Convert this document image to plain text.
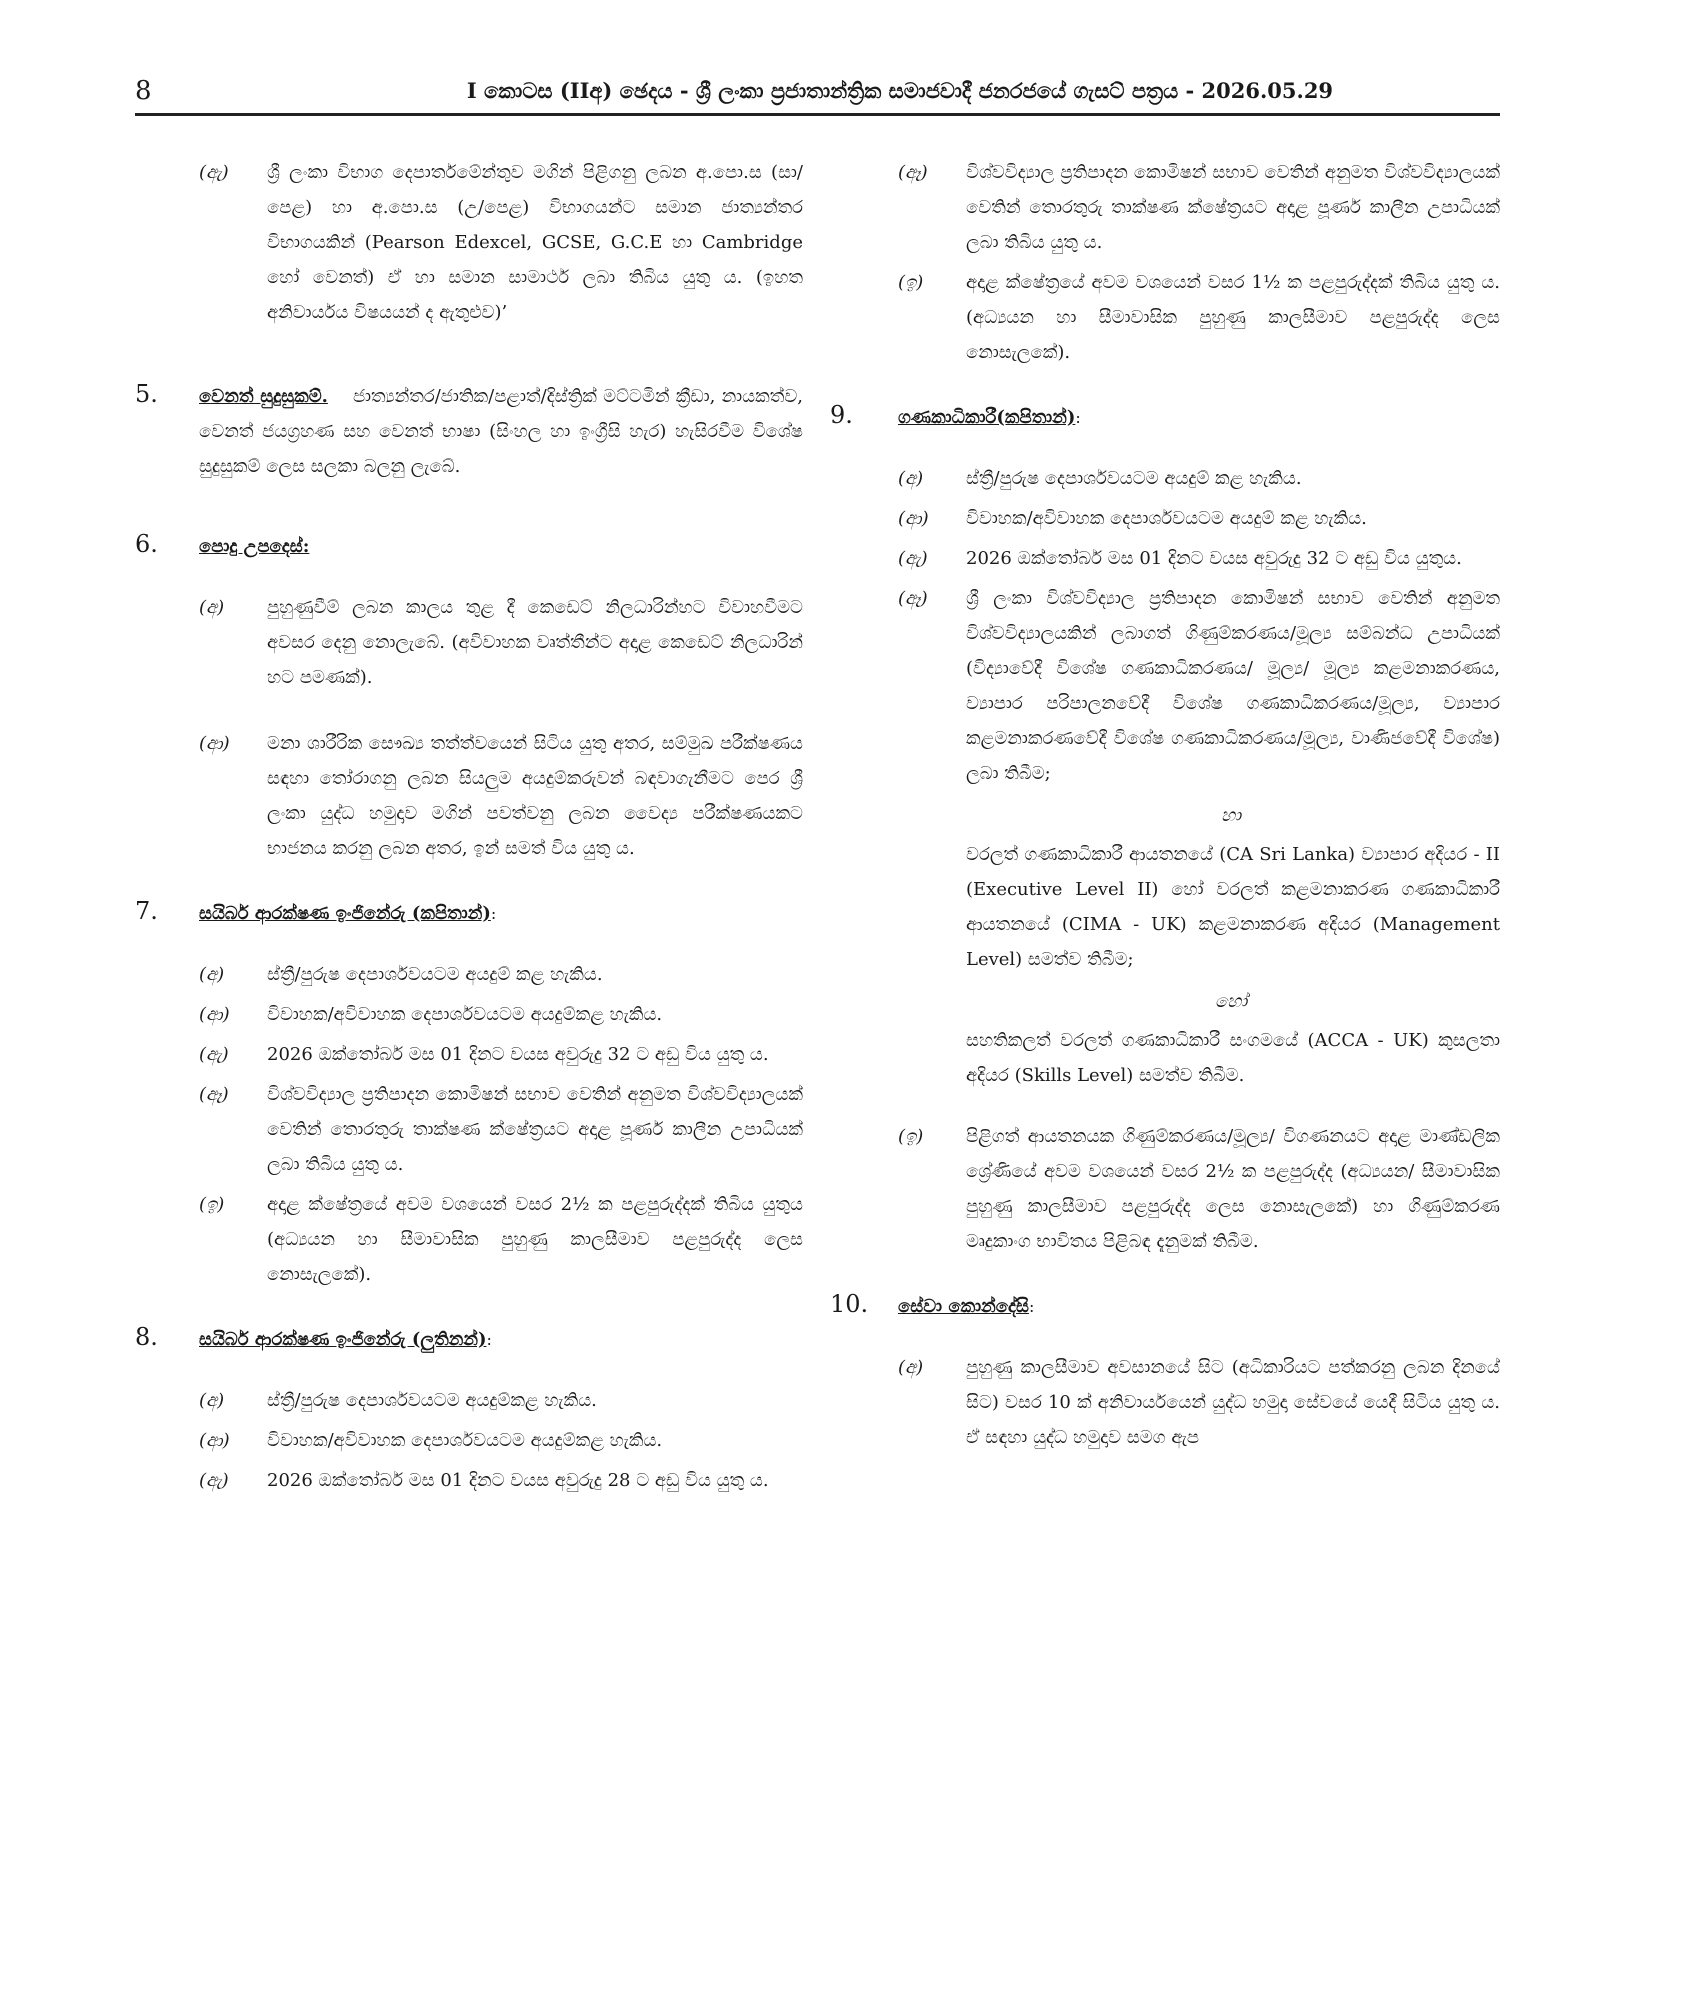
8	I කොටස (IIඅ) ඡෙදය - ශ්‍රී ලංකා ප්‍රජාතාන්ත්‍රික සමාජවාදී ජනරජයේ ගැසට් පත්‍රය - 2026.05.29
(ඇ)	ශ්‍රී ලංකා විභාග දෙපාර්තමේන්තුව මගින් පිළිගනු ලබන අ.පො.ස (සා/පෙළ) හා අ.පො.ස (උ/පෙළ) විභාගයන්ට සමාන ජාත්‍යන්තර විභාගයකින් (Pearson Edexcel, GCSE, G.C.E හා Cambridge හෝ වෙනත්) ඒ හා සමාන සාමාර්ථ ලබා තිබිය යුතු ය. (ඉහත අනිවාර්යය විෂයයන් ද ඇතුළුව)’
5.	වෙනත් සුදුසුකම්. ජාත්‍යන්තර/ජාතික/පළාත්/දිස්ත්‍රික් මට්ටමින් ක්‍රීඩා, නායකත්ව, වෙනත් ජයග්‍රහණ සහ වෙනත් භාෂා (සිංහල හා ඉංග්‍රීසි හැර) හැසිරවීම විශේෂ සුදුසුකම් ලෙස සලකා බලනු ලැබේ.
6.	පොදු උපදෙස්:
(අ)	පුහුණුවීම් ලබන කාලය තුළ දී කෙඩෙට් නිලධාරින්හට විවාහවීමට අවසර දෙනු නොලැබේ. (අවිවාහක වෘත්තීන්ට අදාළ කෙඩෙට් නිලධාරින් හට පමණක්).
(ආ)	මනා ශාරීරික සෞඛ්‍ය තත්ත්වයෙන් සිටිය යුතු අතර, සම්මුඛ පරීක්ෂණය සඳහා තෝරාගනු ලබන සියලුම අයදුම්කරුවන් බඳවාගැනීමට පෙර ශ්‍රී ලංකා යුද්ධ හමුදාව මගින් පවත්වනු ලබන වෛද්‍ය පරීක්ෂණයකට භාජනය කරනු ලබන අතර, ඉන් සමත් විය යුතු ය.
7.	සයිබර් ආරක්ෂණ ඉංජිනේරු (කපිතාන්):
(අ)	ස්ත්‍රී/පුරුෂ දෙපාර්ශවයටම අයදුම් කළ හැකිය.
(ආ)	විවාහක/අවිවාහක දෙපාර්ශවයටම අයදුම්කළ හැකිය.
(ඇ)	2026 ඔක්තෝබර් මස 01 දිනට වයස අවුරුදු 32 ට අඩු විය යුතු ය.
(ඈ)	විශ්වවිද්‍යාල ප්‍රතිපාදන කොමිෂන් සභාව වෙතින් අනුමත විශ්වවිද්‍යාලයක් වෙතින් තොරතුරු තාක්ෂණ ක්ෂේත්‍රයට අදාළ පූර්ණ කාලීන උපාධියක් ලබා තිබිය යුතු ය.
(ඉ)	අදාළ ක්ෂේත්‍රයේ අවම වශයෙන් වසර 2½ ක පළපුරුද්දක් තිබිය යුතුය (අධ්‍යයන හා සීමාවාසික පුහුණු කාලසීමාව පළපුරුද්ද ලෙස නොසැලකේ).
8.	සයිබර් ආරක්ෂණ ඉංජිනේරු (ලුතිනන්):
(අ)	ස්ත්‍රී/පුරුෂ දෙපාර්ශවයටම අයදුම්කළ හැකිය.
(ආ)	විවාහක/අවිවාහක දෙපාර්ශවයටම අයදුම්කළ හැකිය.
(ඇ)	2026 ඔක්තෝබර් මස 01 දිනට වයස අවුරුදු 28 ට අඩු විය යුතු ය.
(ඈ)	විශ්වවිද්‍යාල ප්‍රතිපාදන කොමිෂන් සභාව වෙතින් අනුමත විශ්වවිද්‍යාලයක් වෙතින් තොරතුරු තාක්ෂණ ක්ෂේත්‍රයට අදාළ පූර්ණ කාලීන උපාධියක් ලබා තිබිය යුතු ය.
(ඉ)	අදාළ ක්ෂේත්‍රයේ අවම වශයෙන් වසර 1½ ක පළපුරුද්දක් තිබිය යුතු ය. (අධ්‍යයන හා සීමාවාසික පුහුණු කාලසීමාව පළපුරුද්ද ලෙස නොසැලකේ).
9.	ගණකාධිකාරී(කපිතාන්):
(අ)	ස්ත්‍රී/පුරුෂ දෙපාර්ශවයටම අයදුම් කළ හැකිය.
(ආ)	විවාහක/අවිවාහක දෙපාර්ශවයටම අයදුම් කළ හැකිය.
(ඇ)	2026 ඔක්තෝබර් මස 01 දිනට වයස අවුරුදු 32 ට අඩු විය යුතුය.
(ඈ)	ශ්‍රී ලංකා විශ්වවිද්‍යාල ප්‍රතිපාදන කොමිෂන් සභාව වෙතින් අනුමත විශ්වවිද්‍යාලයකින් ලබාගත් ගිණුම්කරණය/මූල්‍ය සම්බන්ධ උපාධියක් (විද්‍යාවේදී විශේෂ ගණකාධිකරණය/ මූල්‍ය/ මූල්‍ය කළමනාකරණය, ව්‍යාපාර පරිපාලනවේදී විශේෂ ගණකාධිකරණය/මූල්‍ය, ව්‍යාපාර කළමනාකරණවේදී විශේෂ ගණකාධිකරණය/මූල්‍ය, වාණිජවේදී විශේෂ) ලබා තිබීම;
හා
වරලත් ගණකාධිකාරී ආයතනයේ (CA Sri Lanka) ව්‍යාපාර අදියර - II (Executive Level II) හෝ වරලත් කළමනාකරණ ගණකාධිකාරී ආයතනයේ (CIMA - UK) කළමනාකරණ අදියර (Management Level) සමත්ව තිබීම;
හෝ
සහතිකලත් වරලත් ගණකාධිකාරී සංගමයේ (ACCA - UK) කුසලතා අදියර (Skills Level) සමත්ව තිබීම.
(ඉ)	පිළිගත් ආයතනයක ගිණුම්කරණය/මූල්‍ය/ විගණනයට අදාළ මාණ්ඩලික ශ්‍රේණියේ අවම වශයෙන් වසර 2½ ක පළපුරුද්ද (අධ්‍යයන/ සීමාවාසික පුහුණු කාලසීමාව පළපුරුද්ද ලෙස නොසැලකේ) හා ගිණුම්කරණ මෘදුකාංග භාවිතය පිළිබඳ දැනුමක් තිබීම.
10.	සේවා කොන්දේසි:
(අ)	පුහුණු කාලසීමාව අවසානයේ සිට (අධිකාරියට පත්කරනු ලබන දිනයේ සිට) වසර 10 ක් අනිවාර්යයෙන් යුද්ධ හමුදා සේවයේ යෙදී සිටිය යුතු ය. ඒ සඳහා යුද්ධ හමුදාව සමග ඇප
